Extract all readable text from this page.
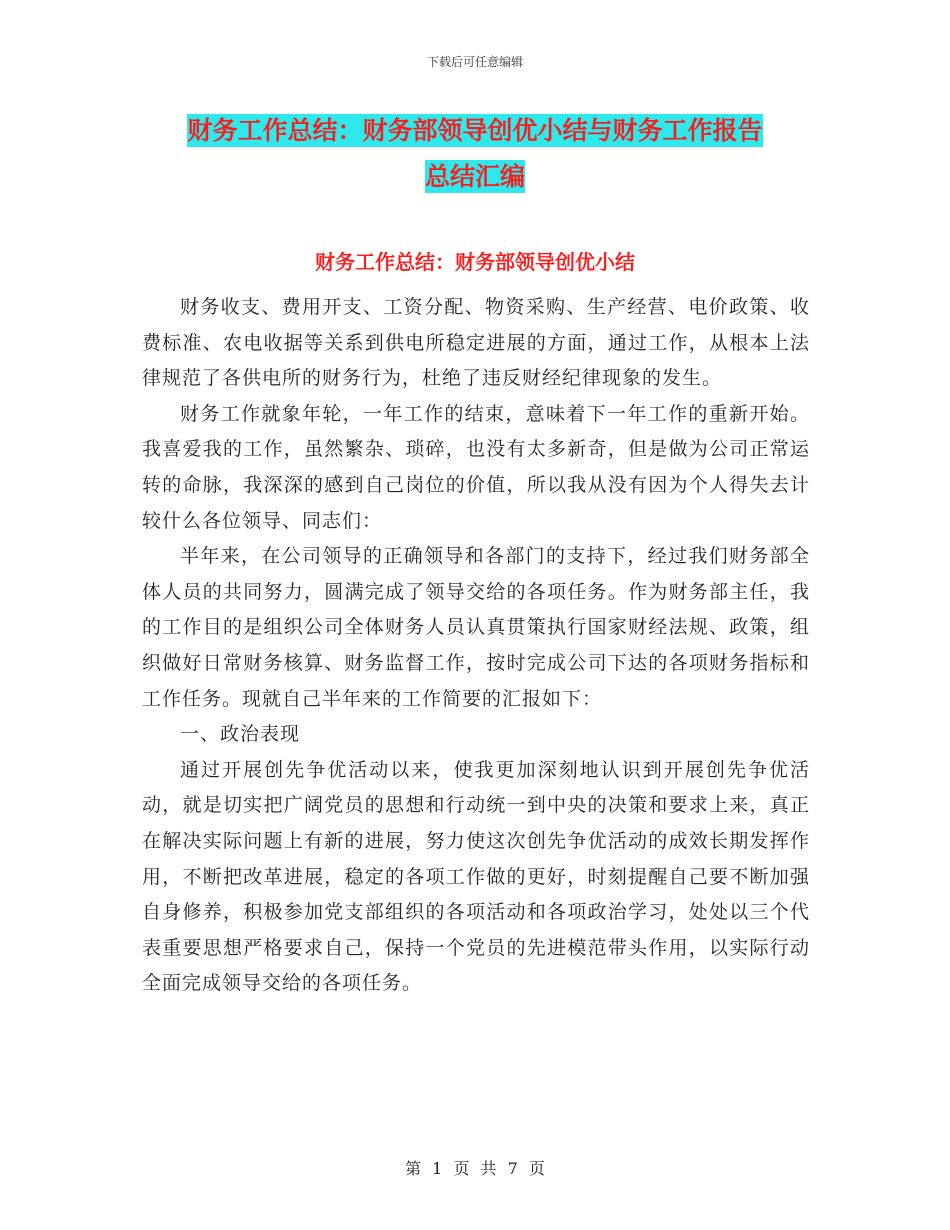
下载后可任意编辑
财务工作总结：财务部领导创优小结与财务工作报告
总结汇编
财务工作总结：财务部领导创优小结

财务收支、费用开支、工资分配、物资采购、生产经营、电价政策、收费标准、农电收据等关系到供电所稳定进展的方面，通过工作，从根本上法律规范了各供电所的财务行为，杜绝了违反财经纪律现象的发生。

财务工作就象年轮，一年工作的结束，意味着下一年工作的重新开始。我喜爱我的工作，虽然繁杂、琐碎，也没有太多新奇，但是做为公司正常运转的命脉，我深深的感到自己岗位的价值，所以我从没有因为个人得失去计较什么各位领导、同志们：

半年来，在公司领导的正确领导和各部门的支持下，经过我们财务部全体人员的共同努力，圆满完成了领导交给的各项任务。作为财务部主任，我的工作目的是组织公司全体财务人员认真贯策执行国家财经法规、政策，组织做好日常财务核算、财务监督工作，按时完成公司下达的各项财务指标和工作任务。现就自己半年来的工作简要的汇报如下：

一、政治表现

通过开展创先争优活动以来，使我更加深刻地认识到开展创先争优活动，就是切实把广阔党员的思想和行动统一到中央的决策和要求上来，真正在解决实际问题上有新的进展，努力使这次创先争优活动的成效长期发挥作用，不断把改革进展，稳定的各项工作做的更好，时刻提醒自己要不断加强自身修养，积极参加党支部组织的各项活动和各项政治学习，处处以三个代表重要思想严格要求自己，保持一个党员的先进模范带头作用，以实际行动全面完成领导交给的各项任务。

第 1 页 共 7 页
